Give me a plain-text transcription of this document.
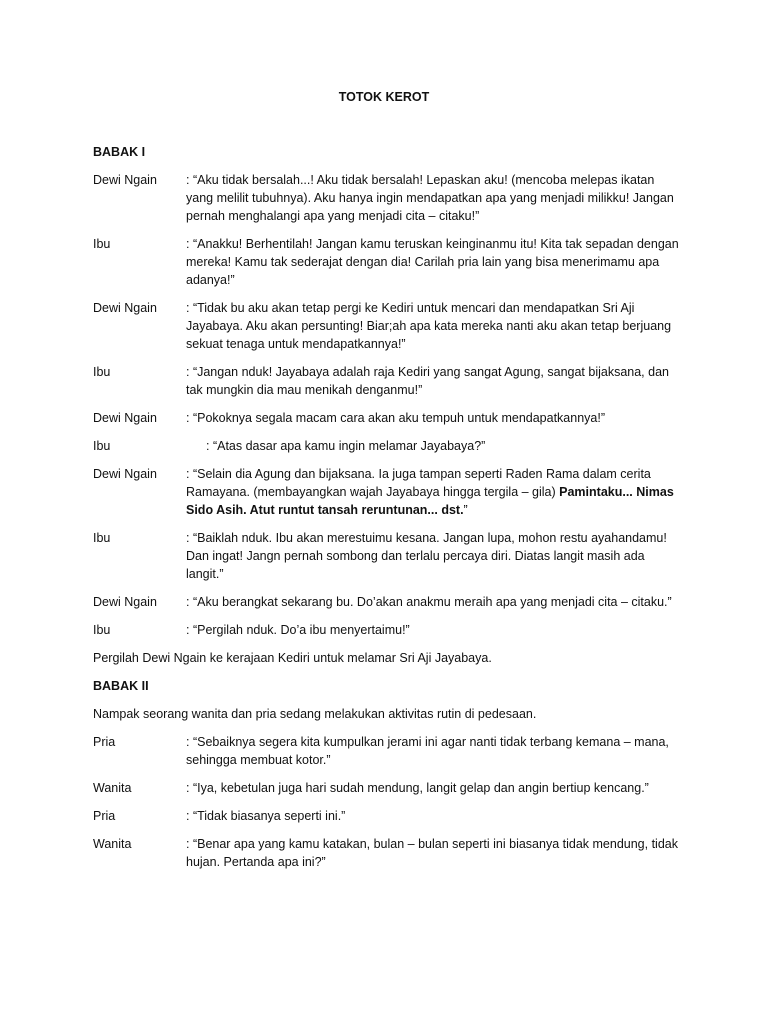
TOTOK KEROT
BABAK I
Dewi Ngain	: “Aku tidak bersalah...! Aku tidak bersalah! Lepaskan aku! (mencoba melepas ikatan yang melilit tubuhnya). Aku hanya ingin mendapatkan apa yang menjadi milikku! Jangan pernah menghalangi apa yang menjadi cita – citaku!”
Ibu	: “Anakku! Berhentilah! Jangan kamu teruskan keinginanmu itu! Kita tak sepadan dengan mereka! Kamu tak sederajat dengan dia! Carilah pria lain yang bisa menerimamu apa adanya!”
Dewi Ngain	: “Tidak bu aku akan tetap pergi ke Kediri untuk mencari dan mendapatkan Sri Aji Jayabaya. Aku akan persunting! Biar;ah apa kata mereka nanti aku akan tetap berjuang sekuat tenaga untuk mendapatkannya!”
Ibu	: “Jangan nduk! Jayabaya adalah raja Kediri yang sangat Agung, sangat bijaksana, dan tak mungkin dia mau menikah denganmu!”
Dewi Ngain	: “Pokoknya segala macam cara akan aku tempuh untuk mendapatkannya!”
Ibu	: “Atas dasar apa kamu ingin melamar Jayabaya?”
Dewi Ngain	: “Selain dia Agung dan bijaksana. Ia juga tampan seperti Raden Rama dalam cerita Ramayana. (membayangkan wajah Jayabaya hingga tergila – gila) Pamintaku... Nimas Sido Asih. Atut runtut tansah reruntunan... dst.”
Ibu	: “Baiklah nduk. Ibu akan merestuimu kesana. Jangan lupa, mohon restu ayahandamu! Dan ingat! Jangn pernah sombong dan terlalu percaya diri. Diatas langit masih ada langit.”
Dewi Ngain	: “Aku berangkat sekarang bu. Do’akan anakmu meraih apa yang menjadi cita – citaku.”
Ibu	: “Pergilah nduk. Do’a ibu menyertaimu!”
Pergilah Dewi Ngain ke kerajaan Kediri untuk melamar Sri Aji Jayabaya.
BABAK II
Nampak seorang wanita dan pria sedang melakukan aktivitas rutin di pedesaan.
Pria	: “Sebaiknya segera kita kumpulkan jerami ini agar nanti tidak terbang kemana – mana, sehingga membuat kotor.”
Wanita	: “Iya, kebetulan juga hari sudah mendung, langit gelap dan angin bertiup kencang.”
Pria	: “Tidak biasanya seperti ini.”
Wanita	: “Benar apa yang kamu katakan, bulan – bulan seperti ini biasanya tidak mendung, tidak hujan. Pertanda apa ini?”
